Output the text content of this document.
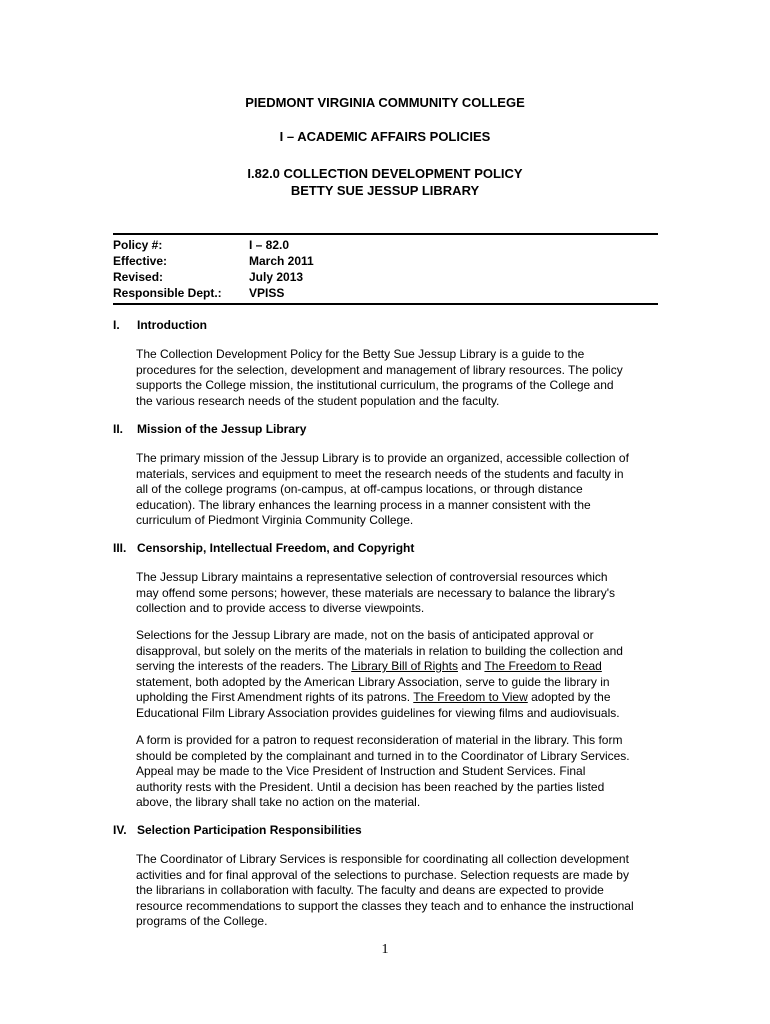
PIEDMONT VIRGINIA COMMUNITY COLLEGE
I – ACADEMIC AFFAIRS POLICIES
I.82.0 COLLECTION DEVELOPMENT POLICY
BETTY SUE JESSUP LIBRARY
Policy #:	I – 82.0
Effective:	March 2011
Revised:	July 2013
Responsible Dept.:	VPISS
I. Introduction
The Collection Development Policy for the Betty Sue Jessup Library is a guide to the
procedures for the selection, development and management of library resources. The policy
supports the College mission, the institutional curriculum, the programs of the College and
the various research needs of the student population and the faculty.
II. Mission of the Jessup Library
The primary mission of the Jessup Library is to provide an organized, accessible collection of
materials, services and equipment to meet the research needs of the students and faculty in
all of the college programs (on-campus, at off-campus locations, or through distance
education). The library enhances the learning process in a manner consistent with the
curriculum of Piedmont Virginia Community College.
III. Censorship, Intellectual Freedom, and Copyright
The Jessup Library maintains a representative selection of controversial resources which
may offend some persons; however, these materials are necessary to balance the library's
collection and to provide access to diverse viewpoints.
Selections for the Jessup Library are made, not on the basis of anticipated approval or
disapproval, but solely on the merits of the materials in relation to building the collection and
serving the interests of the readers. The Library Bill of Rights and The Freedom to Read
statement, both adopted by the American Library Association, serve to guide the library in
upholding the First Amendment rights of its patrons. The Freedom to View adopted by the
Educational Film Library Association provides guidelines for viewing films and audiovisuals.
A form is provided for a patron to request reconsideration of material in the library. This form
should be completed by the complainant and turned in to the Coordinator of Library Services.
Appeal may be made to the Vice President of Instruction and Student Services. Final
authority rests with the President. Until a decision has been reached by the parties listed
above, the library shall take no action on the material.
IV. Selection Participation Responsibilities
The Coordinator of Library Services is responsible for coordinating all collection development
activities and for final approval of the selections to purchase. Selection requests are made by
the librarians in collaboration with faculty. The faculty and deans are expected to provide
resource recommendations to support the classes they teach and to enhance the instructional
programs of the College.
1
